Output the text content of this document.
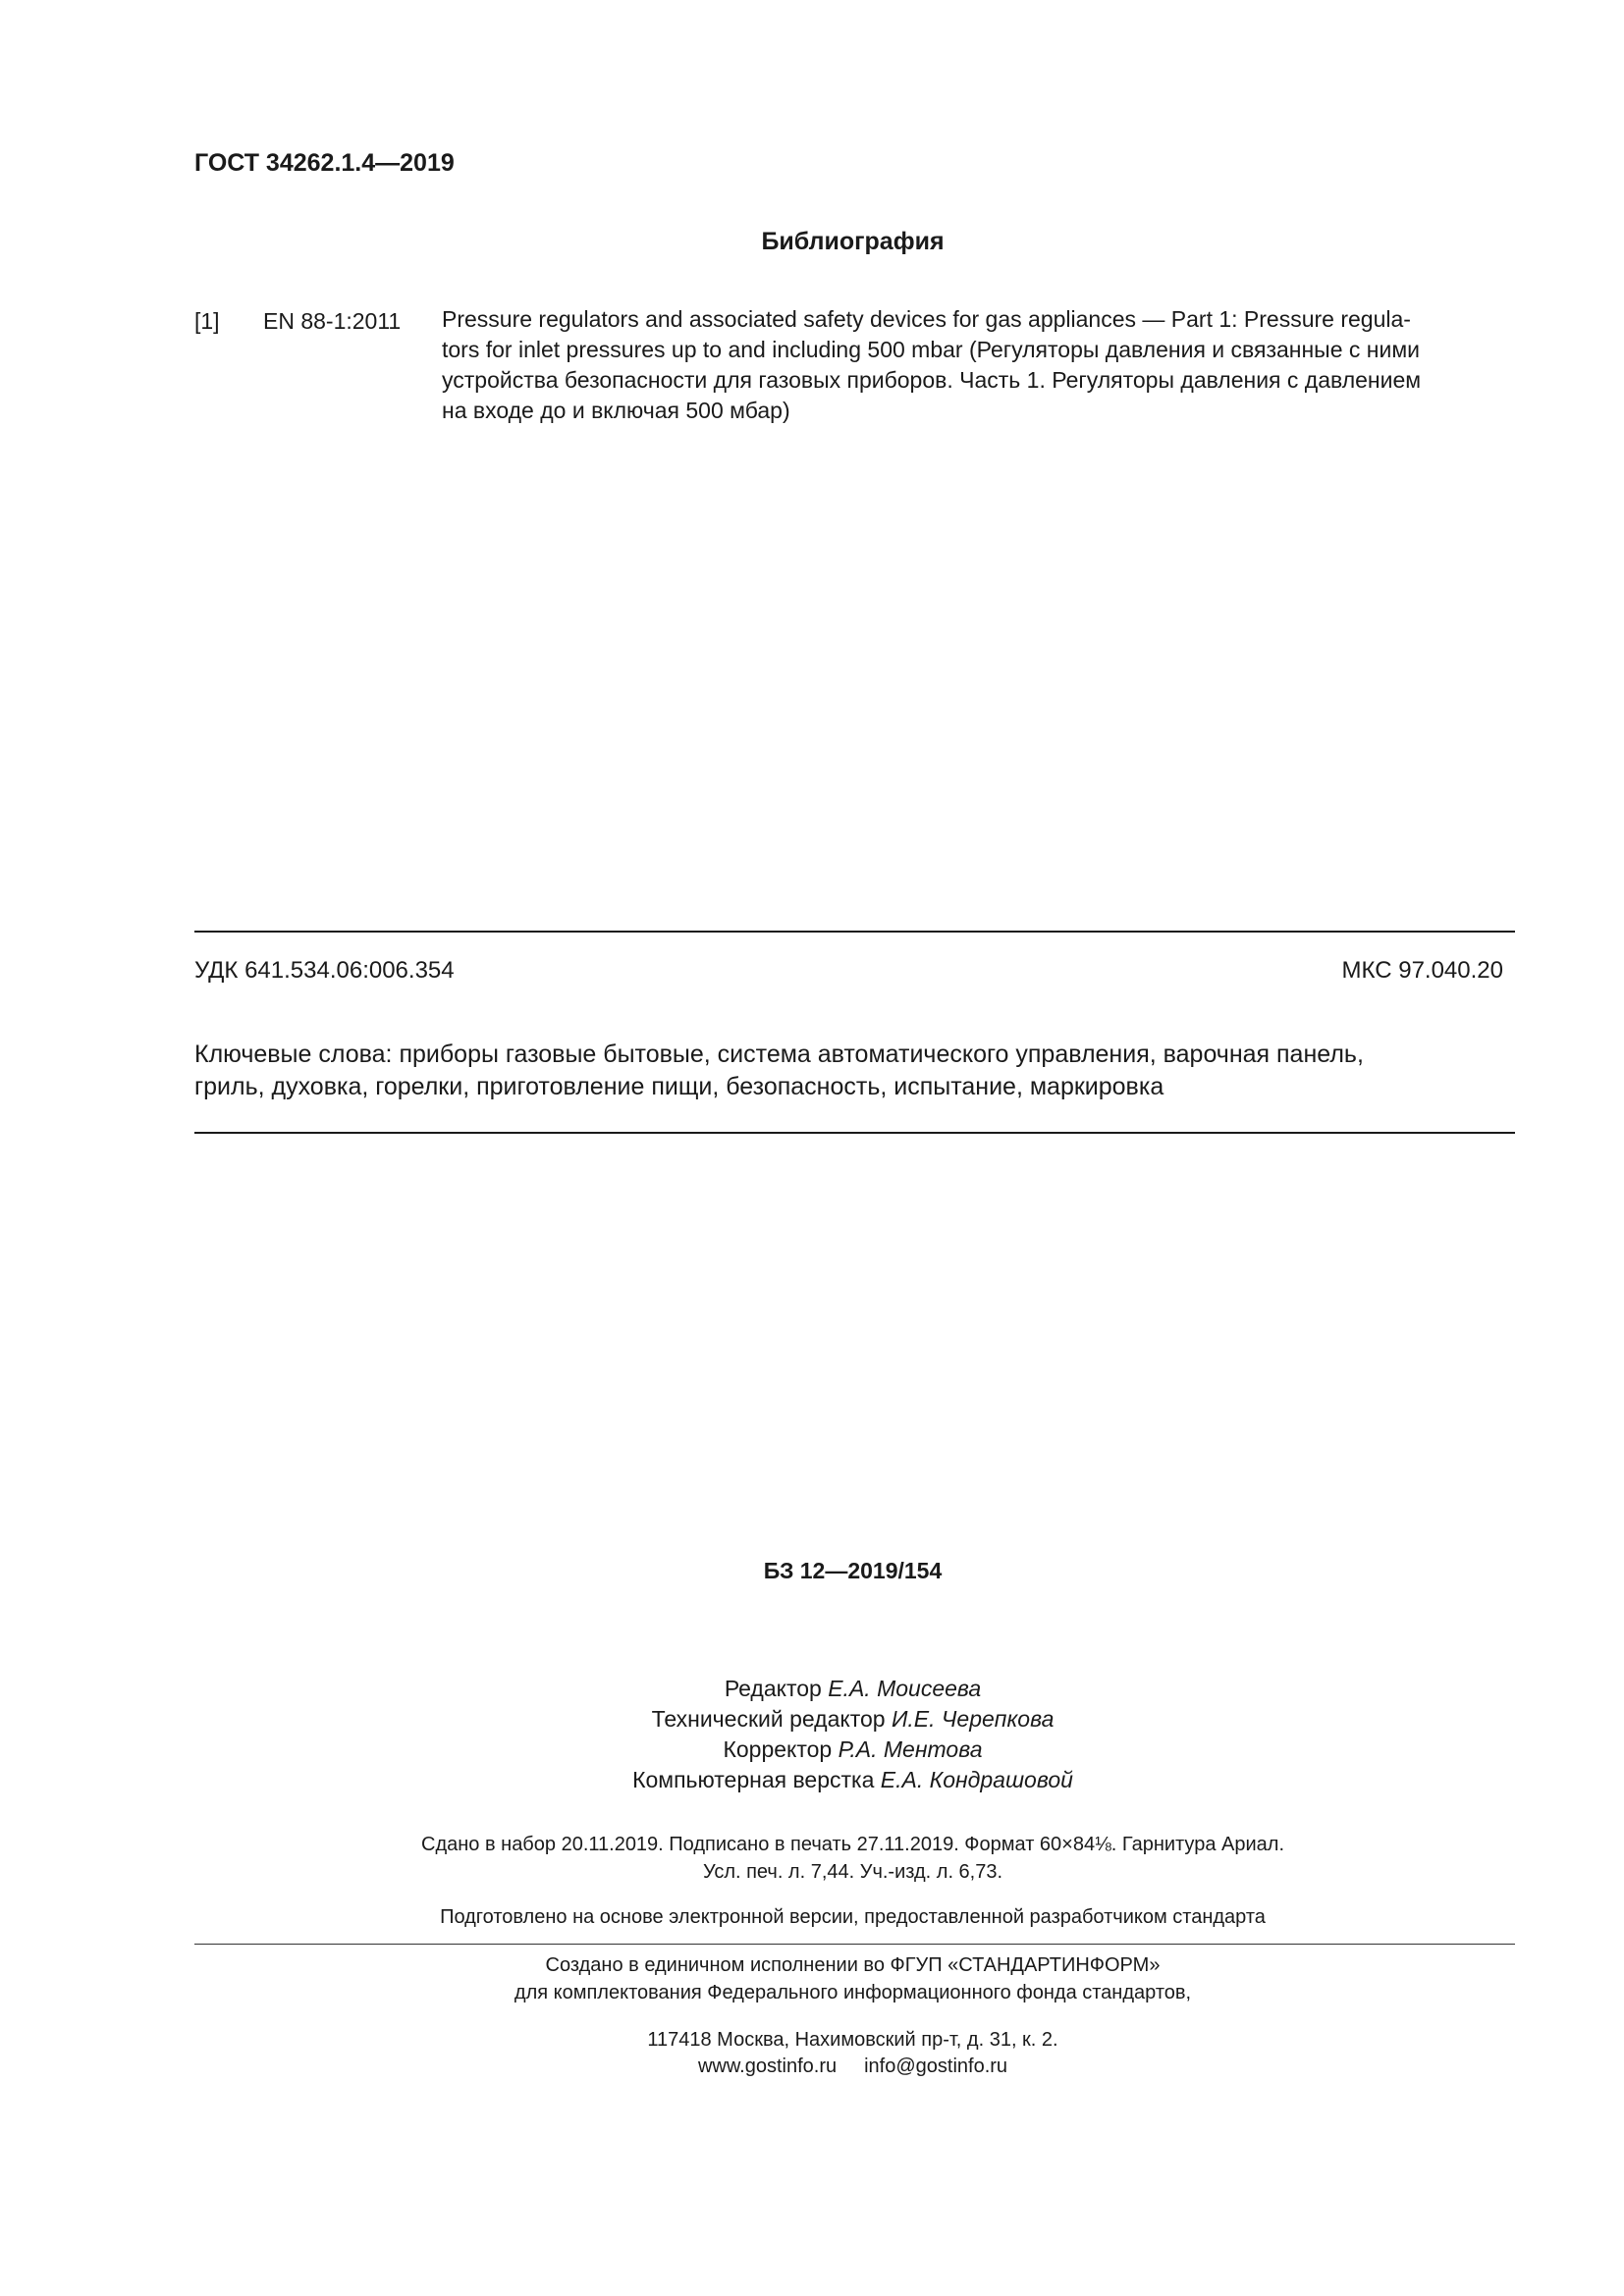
ГОСТ 34262.1.4—2019
Библиография
[1] EN 88-1:2011 Pressure regulators and associated safety devices for gas appliances — Part 1: Pressure regula-
tors for inlet pressures up to and including 500 mbar (Регуляторы давления и связанные с ними
устройства безопасности для газовых приборов. Часть 1. Регуляторы давления с давлением
на входе до и включая 500 мбар)
УДК 641.534.06:006.354	МКС 97.040.20
Ключевые слова: приборы газовые бытовые, система автоматического управления, варочная панель,
гриль, духовка, горелки, приготовление пищи, безопасность, испытание, маркировка
БЗ 12—2019/154
Редактор Е.А. Моисеева
Технический редактор И.Е. Черепкова
Корректор Р.А. Ментова
Компьютерная верстка Е.А. Кондрашовой
Сдано в набор 20.11.2019. Подписано в печать 27.11.2019. Формат 60×84⅛. Гарнитура Ариал.
Усл. печ. л. 7,44. Уч.-изд. л. 6,73.
Подготовлено на основе электронной версии, предоставленной разработчиком стандарта
Создано в единичном исполнении во ФГУП «СТАНДАРТИНФОРМ»
для комплектования Федерального информационного фонда стандартов,
117418 Москва, Нахимовский пр-т, д. 31, к. 2.
www.gostinfo.ru info@gostinfo.ru
